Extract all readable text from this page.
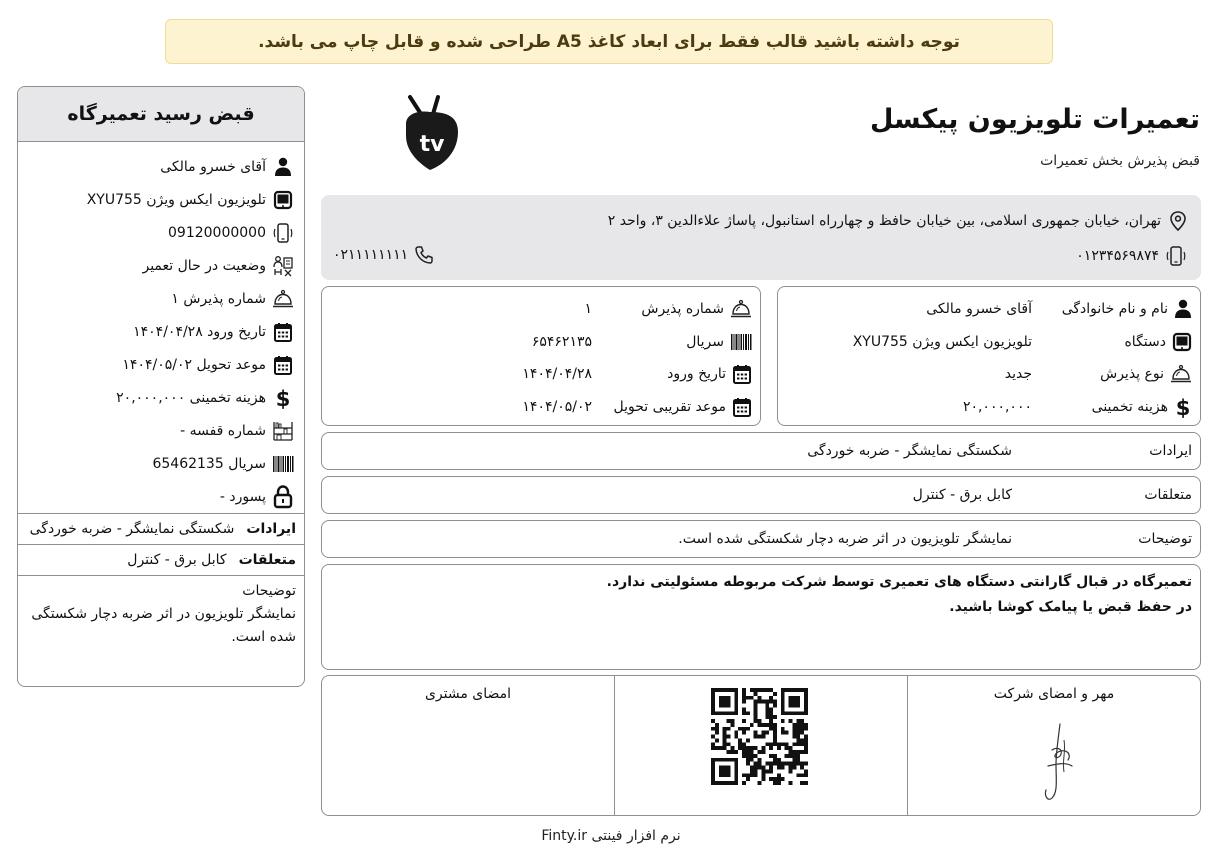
توجه داشته باشید قالب فقط برای ابعاد کاغذ A5 طراحی شده و قابل چاپ می باشد.
قبض رسید تعمیرگاه
آقای خسرو مالکی
تلویزیون ایکس ویژن XYU755
09120000000
وضعیت در حال تعمیر
شماره پذیرش ۱
تاریخ ورود ۱۴۰۴/۰۴/۲۸
موعد تحویل ۱۴۰۴/۰۵/۰۲
$
هزینه تخمینی ۲۰,۰۰۰,۰۰۰
شماره قفسه -
سریال 65462135
پسورد -
ایرادات
شکستگی نمایشگر - ضربه خوردگی
متعلقات
کابل برق - کنترل
توضیحات
نمایشگر تلویزیون در اثر ضربه دچار شکستگی شده است.
تعمیرات تلویزیون پیکسل
قبض پذیرش بخش تعمیرات
tv
تهران، خیابان جمهوری اسلامی، بین خیابان حافظ و چهارراه استانبول، پاساژ علاءالدین ۳، واحد ۲
۰۱۲۳۴۵۶۹۸۷۴
۰۲۱۱۱۱۱۱۱۱
نام و نام خانوادگی
آقای خسرو مالکی
دستگاه
تلویزیون ایکس ویژن XYU755
نوع پذیرش
جدید
$
هزینه تخمینی
۲۰,۰۰۰,۰۰۰
شماره پذیرش
۱
سریال
۶۵۴۶۲۱۳۵
تاریخ ورود
۱۴۰۴/۰۴/۲۸
موعد تقریبی تحویل
۱۴۰۴/۰۵/۰۲
ایرادات
شکستگی نمایشگر - ضربه خوردگی
متعلقات
کابل برق - کنترل
توضیحات
نمایشگر تلویزیون در اثر ضربه دچار شکستگی شده است.
تعمیرگاه در قبال گارانتی دستگاه های تعمیری توسط شرکت مربوطه مسئولیتی ندارد.
در حفظ قبض یا پیامک کوشا باشید.
مهر و امضای شرکت
امضای مشتری
نرم افزار فینتی Finty.ir
